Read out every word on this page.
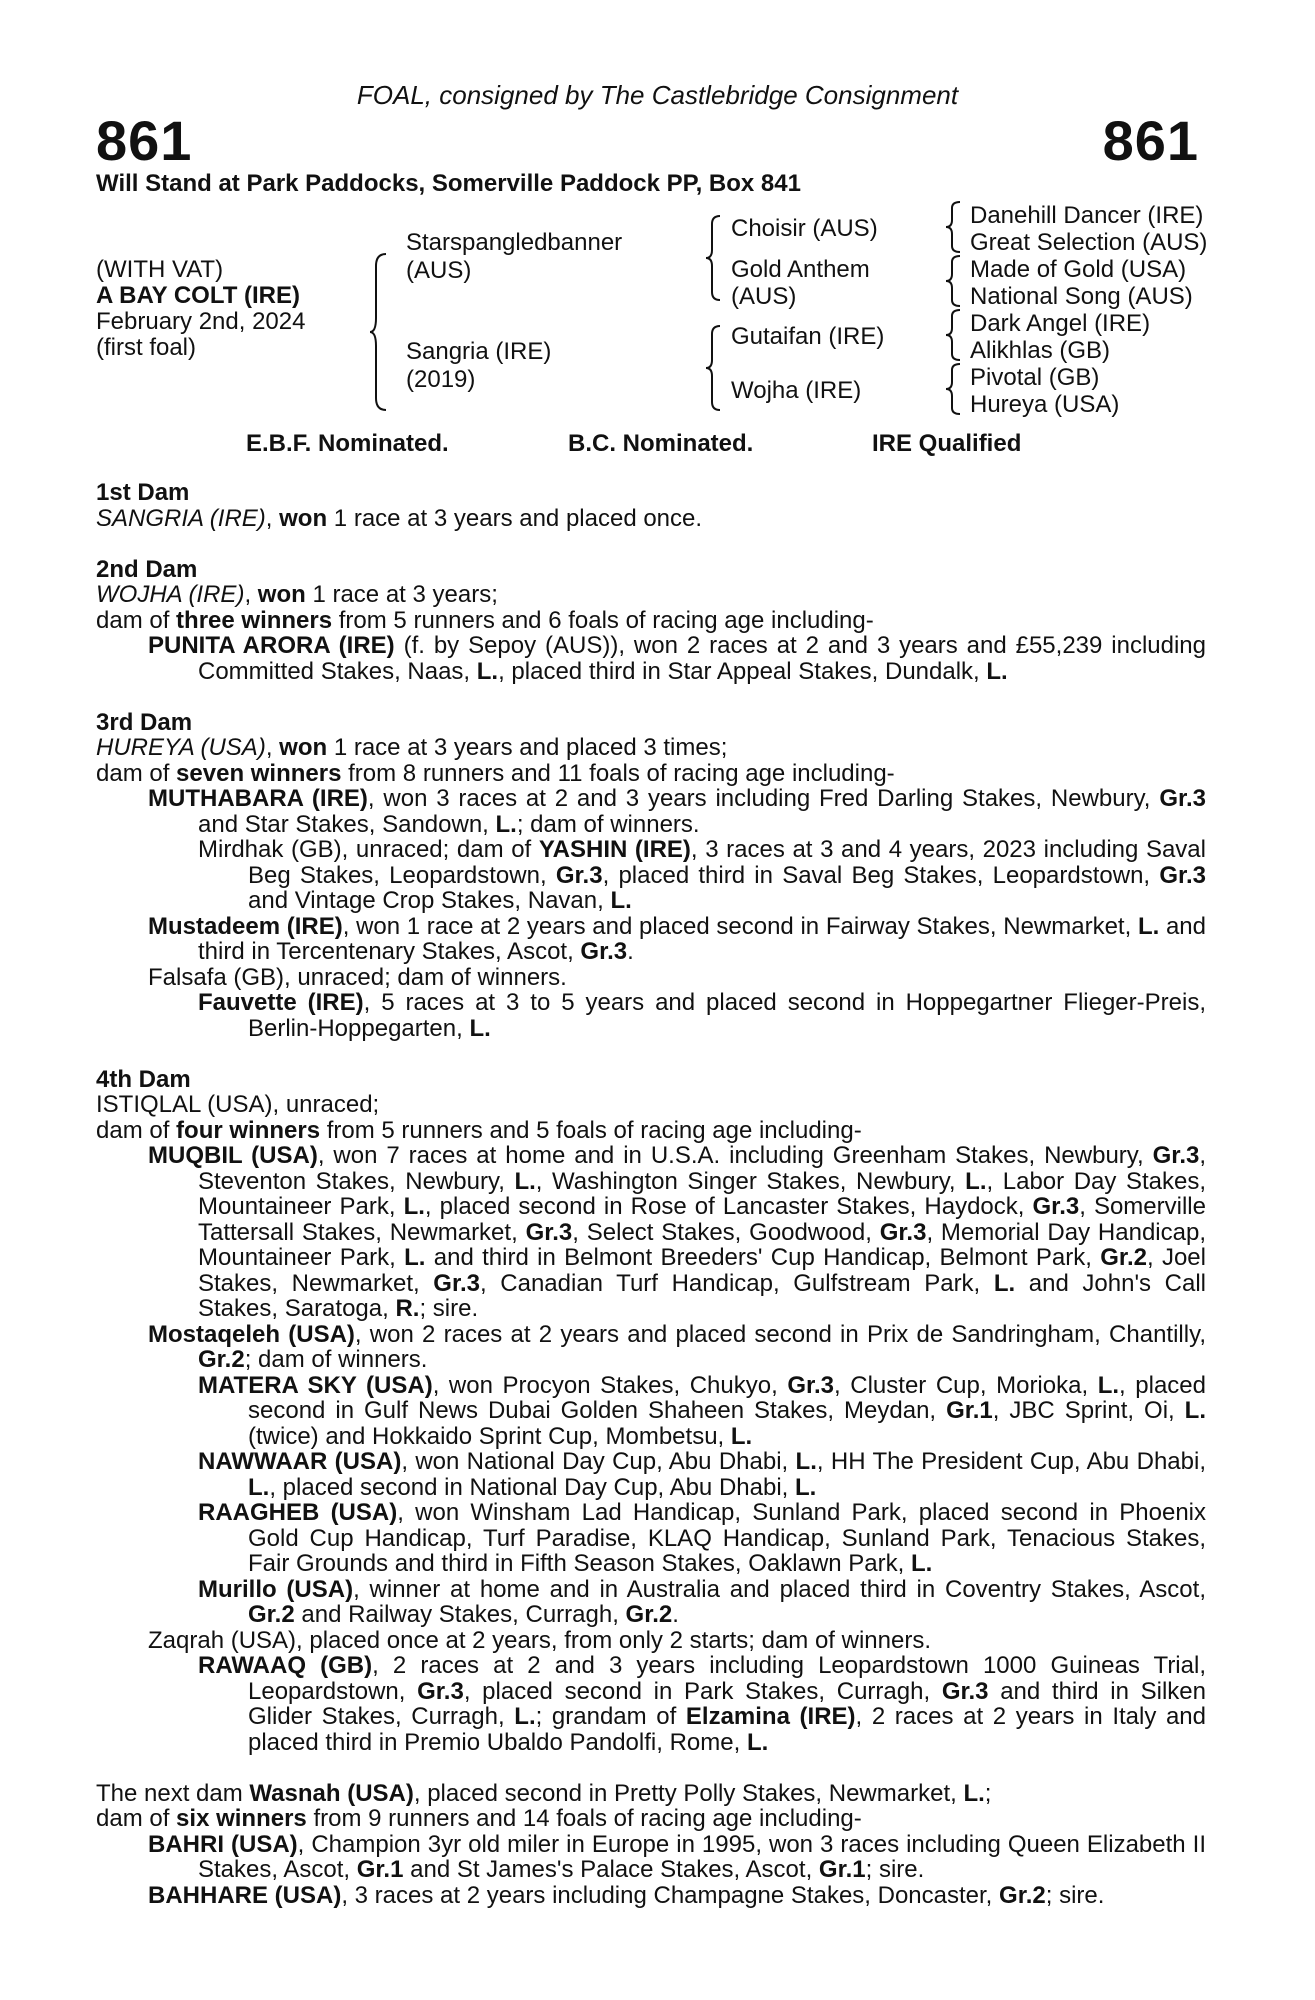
FOAL, consigned by The Castlebridge Consignment
861	861
Will Stand at Park Paddocks, Somerville Paddock PP, Box 841
(WITH VAT)
A BAY COLT (IRE)
February 2nd, 2024
(first foal)
Starspangledbanner
(AUS)
Sangria (IRE)
(2019)
Choisir (AUS)
Gold Anthem
(AUS)
Gutaifan (IRE)
Wojha (IRE)
Danehill Dancer (IRE)
Great Selection (AUS)
Made of Gold (USA)
National Song (AUS)
Dark Angel (IRE)
Alikhlas (GB)
Pivotal (GB)
Hureya (USA)
E.B.F. Nominated.	B.C. Nominated.	IRE Qualified

1st Dam

SANGRIA (IRE), won 1 race at 3 years and placed once.

2nd Dam

WOJHA (IRE), won 1 race at 3 years;

dam of three winners from 5 runners and 6 foals of racing age including-

PUNITA ARORA (IRE) (f. by Sepoy (AUS)), won 2 races at 2 and 3 years and £55,239 including Committed Stakes, Naas, L., placed third in Star Appeal Stakes, Dundalk, L.

3rd Dam

HUREYA (USA), won 1 race at 3 years and placed 3 times;

dam of seven winners from 8 runners and 11 foals of racing age including-

MUTHABARA (IRE), won 3 races at 2 and 3 years including Fred Darling Stakes, Newbury, Gr.3 and Star Stakes, Sandown, L.; dam of winners.

Mirdhak (GB), unraced; dam of YASHIN (IRE), 3 races at 3 and 4 years, 2023 including Saval Beg Stakes, Leopardstown, Gr.3, placed third in Saval Beg Stakes, Leopardstown, Gr.3 and Vintage Crop Stakes, Navan, L.

Mustadeem (IRE), won 1 race at 2 years and placed second in Fairway Stakes, Newmarket, L. and third in Tercentenary Stakes, Ascot, Gr.3.

Falsafa (GB), unraced; dam of winners.

Fauvette (IRE), 5 races at 3 to 5 years and placed second in Hoppegartner Flieger-Preis, Berlin-Hoppegarten, L.

4th Dam

ISTIQLAL (USA), unraced;

dam of four winners from 5 runners and 5 foals of racing age including-

MUQBIL (USA), won 7 races at home and in U.S.A. including Greenham Stakes, Newbury, Gr.3, Steventon Stakes, Newbury, L., Washington Singer Stakes, Newbury, L., Labor Day Stakes, Mountaineer Park, L., placed second in Rose of Lancaster Stakes, Haydock, Gr.3, Somerville Tattersall Stakes, Newmarket, Gr.3, Select Stakes, Goodwood, Gr.3, Memorial Day Handicap, Mountaineer Park, L. and third in Belmont Breeders' Cup Handicap, Belmont Park, Gr.2, Joel Stakes, Newmarket, Gr.3, Canadian Turf Handicap, Gulfstream Park, L. and John's Call Stakes, Saratoga, R.; sire.

Mostaqeleh (USA), won 2 races at 2 years and placed second in Prix de Sandringham, Chantilly, Gr.2; dam of winners.

MATERA SKY (USA), won Procyon Stakes, Chukyo, Gr.3, Cluster Cup, Morioka, L., placed second in Gulf News Dubai Golden Shaheen Stakes, Meydan, Gr.1, JBC Sprint, Oi, L. (twice) and Hokkaido Sprint Cup, Mombetsu, L.

NAWWAAR (USA), won National Day Cup, Abu Dhabi, L., HH The President Cup, Abu Dhabi, L., placed second in National Day Cup, Abu Dhabi, L.

RAAGHEB (USA), won Winsham Lad Handicap, Sunland Park, placed second in Phoenix Gold Cup Handicap, Turf Paradise, KLAQ Handicap, Sunland Park, Tenacious Stakes, Fair Grounds and third in Fifth Season Stakes, Oaklawn Park, L.

Murillo (USA), winner at home and in Australia and placed third in Coventry Stakes, Ascot, Gr.2 and Railway Stakes, Curragh, Gr.2.

Zaqrah (USA), placed once at 2 years, from only 2 starts; dam of winners.

RAWAAQ (GB), 2 races at 2 and 3 years including Leopardstown 1000 Guineas Trial, Leopardstown, Gr.3, placed second in Park Stakes, Curragh, Gr.3 and third in Silken Glider Stakes, Curragh, L.; grandam of Elzamina (IRE), 2 races at 2 years in Italy and placed third in Premio Ubaldo Pandolfi, Rome, L.

The next dam Wasnah (USA), placed second in Pretty Polly Stakes, Newmarket, L.;

dam of six winners from 9 runners and 14 foals of racing age including-

BAHRI (USA), Champion 3yr old miler in Europe in 1995, won 3 races including Queen Elizabeth II Stakes, Ascot, Gr.1 and St James's Palace Stakes, Ascot, Gr.1; sire.

BAHHARE (USA), 3 races at 2 years including Champagne Stakes, Doncaster, Gr.2; sire.
